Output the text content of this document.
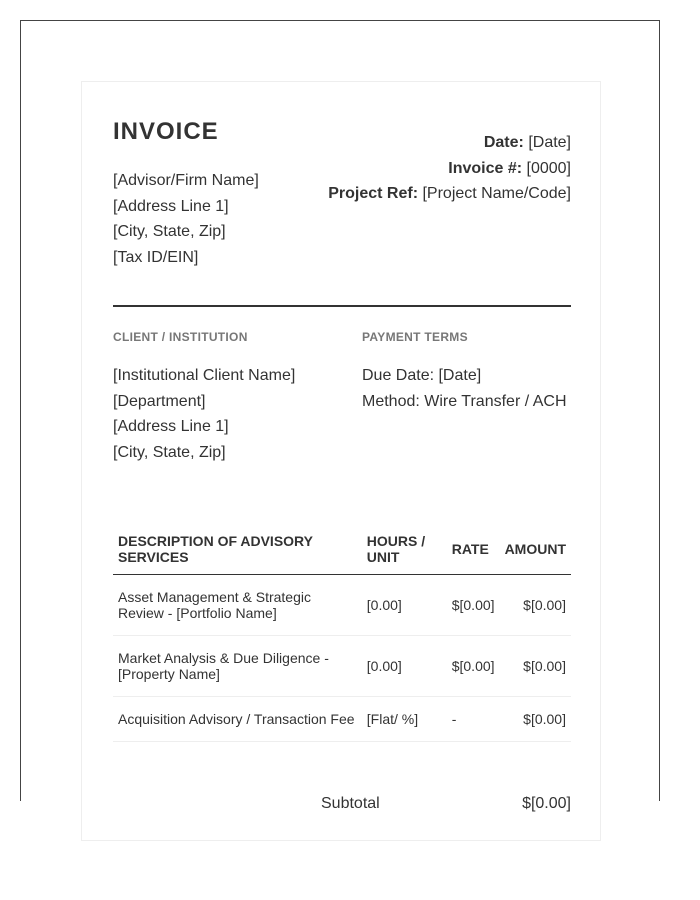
INVOICE
[Advisor/Firm Name]
[Address Line 1]
[City, State, Zip]
[Tax ID/EIN]
Date: [Date]
Invoice #: [0000]
Project Ref: [Project Name/Code]
CLIENT / INSTITUTION	PAYMENT TERMS
[Institutional Client Name]
[Department]
[Address Line 1]
[City, State, Zip]
Due Date: [Date]
Method: Wire Transfer / ACH
DESCRIPTION OF ADVISORY SERVICES	HOURS / UNIT	RATE	AMOUNT
Asset Management & Strategic Review - [Portfolio Name]	[0.00]	$[0.00]	$[0.00]
Market Analysis & Due Diligence - [Property Name]	[0.00]	$[0.00]	$[0.00]
Acquisition Advisory / Transaction Fee	[Flat/ %]	-	$[0.00]
Subtotal	$[0.00]
